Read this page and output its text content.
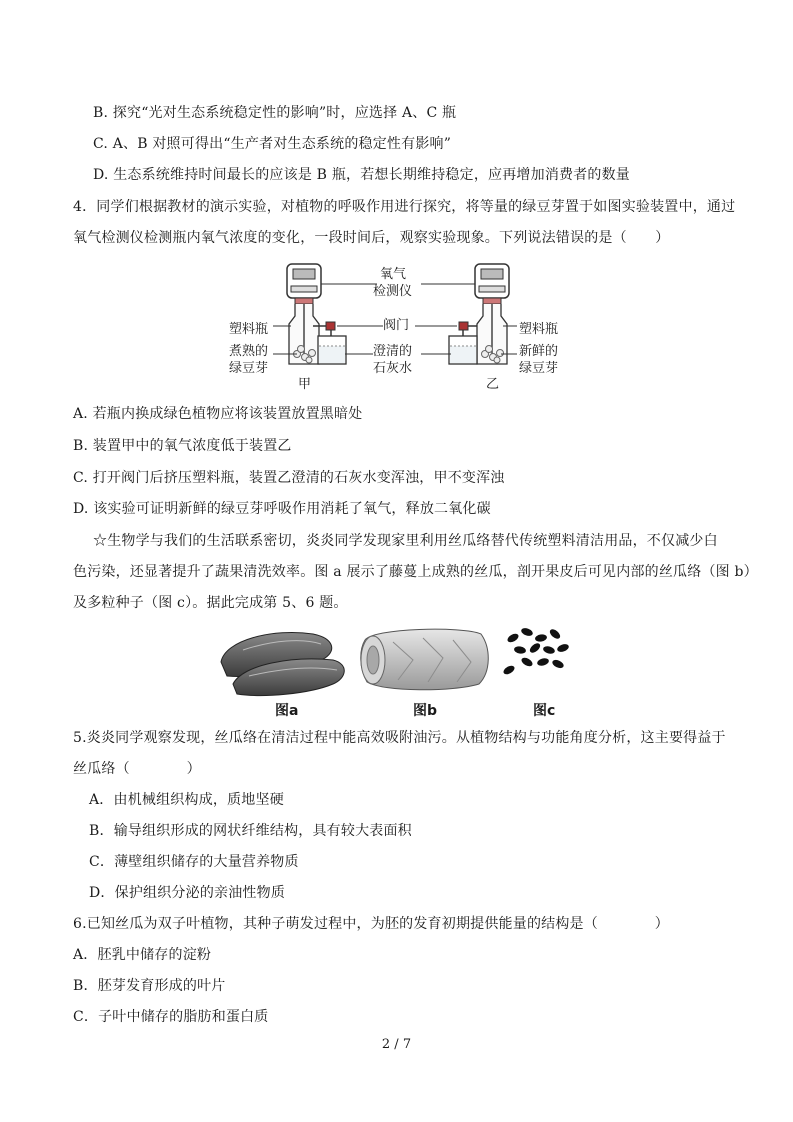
B. 探究“光对生态系统稳定性的影响”时，应选择 A、C 瓶
C. A、B 对照可得出“生产者对生态系统的稳定性有影响”
D. 生态系统维持时间最长的应该是 B 瓶，若想长期维持稳定，应再增加消费者的数量
4．同学们根据教材的演示实验，对植物的呼吸作用进行探究，将等量的绿豆芽置于如图实验装置中，通过
氧气检测仪检测瓶内氧气浓度的变化，一段时间后，观察实验现象。下列说法错误的是（　　）
氧气
检测仪
阀门
塑料瓶	塑料瓶
煮熟的
绿豆芽
新鲜的
绿豆芽
澄清的
石灰水
甲	乙
A. 若瓶内换成绿色植物应将该装置放置黑暗处
B. 装置甲中的氧气浓度低于装置乙
C. 打开阀门后挤压塑料瓶，装置乙澄清的石灰水变浑浊，甲不变浑浊
D. 该实验可证明新鲜的绿豆芽呼吸作用消耗了氧气，释放二氧化碳
☆生物学与我们的生活联系密切，炎炎同学发现家里利用丝瓜络替代传统塑料清洁用品，不仅减少白
色污染，还显著提升了蔬果清洗效率。图 a 展示了藤蔓上成熟的丝瓜，剖开果皮后可见内部的丝瓜络（图 b）
及多粒种子（图 c）。据此完成第 5、6 题。
图a	图b	图c
5.炎炎同学观察发现，丝瓜络在清洁过程中能高效吸附油污。从植物结构与功能角度分析，这主要得益于
丝瓜络（　　　　）
A．由机械组织构成，质地坚硬
B．输导组织形成的网状纤维结构，具有较大表面积
C．薄壁组织储存的大量营养物质
D．保护组织分泌的亲油性物质
6.已知丝瓜为双子叶植物，其种子萌发过程中，为胚的发育初期提供能量的结构是（　　　　）
A．胚乳中储存的淀粉
B．胚芽发育形成的叶片
C．子叶中储存的脂肪和蛋白质
2 / 7
